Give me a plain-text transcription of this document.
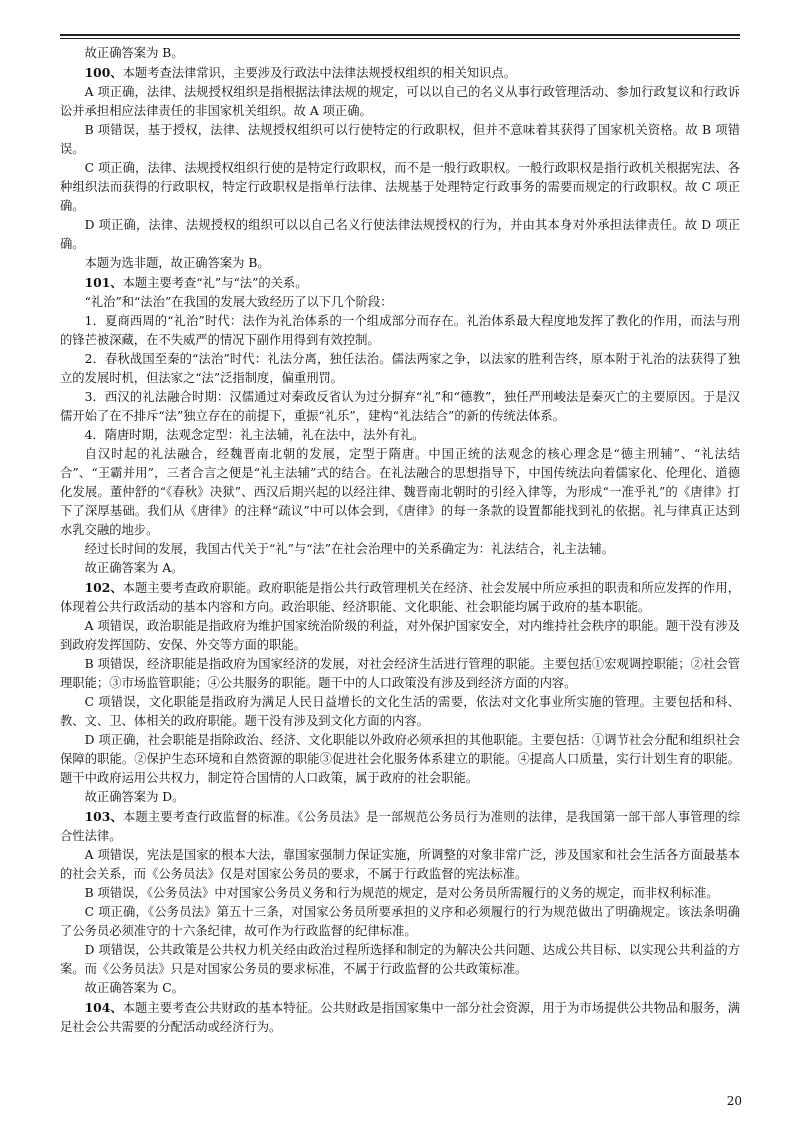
故正确答案为 B。

100、本题考查法律常识，主要涉及行政法中法律法规授权组织的相关知识点。

A 项正确，法律、法规授权组织是指根据法律法规的规定，可以以自己的名义从事行政管理活动、参加行政复议和行政诉讼并承担相应法律责任的非国家机关组织。故 A 项正确。

B 项错误，基于授权，法律、法规授权组织可以行使特定的行政职权，但并不意味着其获得了国家机关资格。故 B 项错误。

C 项正确，法律、法规授权组织行使的是特定行政职权，而不是一般行政职权。一般行政职权是指行政机关根据宪法、各种组织法而获得的行政职权，特定行政职权是指单行法律、法规基于处理特定行政事务的需要而规定的行政职权。故 C 项正确。

D 项正确，法律、法规授权的组织可以以自己名义行使法律法规授权的行为，并由其本身对外承担法律责任。故 D 项正确。

本题为选非题，故正确答案为 B。

101、本题主要考查“礼”与“法”的关系。

“礼治”和“法治”在我国的发展大致经历了以下几个阶段：

1．夏商西周的“礼治”时代：法作为礼治体系的一个组成部分而存在。礼治体系最大程度地发挥了教化的作用，而法与刑的锋芒被深藏，在不失威严的情况下副作用得到有效控制。

2．春秋战国至秦的“法治”时代：礼法分离，独任法治。儒法两家之争，以法家的胜利告终，原本附于礼治的法获得了独立的发展时机，但法家之“法”泛指制度，偏重刑罚。

3．西汉的礼法融合时期：汉儒通过对秦政反省认为过分摒弃“礼”和“德教”，独任严刑峻法是秦灭亡的主要原因。于是汉儒开始了在不排斥“法”独立存在的前提下，重振“礼乐”，建构“礼法结合”的新的传统法体系。

4．隋唐时期，法观念定型：礼主法辅，礼在法中，法外有礼。

自汉时起的礼法融合，经魏晋南北朝的发展，定型于隋唐。中国正统的法观念的核心理念是“德主刑辅”、“礼法结合”、“王霸并用”，三者合言之便是“礼主法辅”式的结合。在礼法融合的思想指导下，中国传统法向着儒家化、伦理化、道德化发展。董仲舒的“《春秋》决狱”、西汉后期兴起的以经注律、魏晋南北朝时的引经入律等，为形成“一准乎礼”的《唐律》打下了深厚基础。我们从《唐律》的注释“疏议”中可以体会到，《唐律》的每一条款的设置都能找到礼的依据。礼与律真正达到水乳交融的地步。

经过长时间的发展，我国古代关于“礼”与“法”在社会治理中的关系确定为：礼法结合，礼主法辅。

故正确答案为 A。

102、本题主要考查政府职能。政府职能是指公共行政管理机关在经济、社会发展中所应承担的职责和所应发挥的作用，体现着公共行政活动的基本内容和方向。政治职能、经济职能、文化职能、社会职能均属于政府的基本职能。

A 项错误，政治职能是指政府为维护国家统治阶级的利益，对外保护国家安全，对内维持社会秩序的职能。题干没有涉及到政府发挥国防、安保、外交等方面的职能。

B 项错误，经济职能是指政府为国家经济的发展，对社会经济生活进行管理的职能。主要包括①宏观调控职能；②社会管理职能；③市场监管职能；④公共服务的职能。题干中的人口政策没有涉及到经济方面的内容。

C 项错误，文化职能是指政府为满足人民日益增长的文化生活的需要，依法对文化事业所实施的管理。主要包括和科、教、文、卫、体相关的政府职能。题干没有涉及到文化方面的内容。

D 项正确，社会职能是指除政治、经济、文化职能以外政府必须承担的其他职能。主要包括：①调节社会分配和组织社会保障的职能。②保护生态环境和自然资源的职能③促进社会化服务体系建立的职能。④提高人口质量，实行计划生育的职能。题干中政府运用公共权力，制定符合国情的人口政策，属于政府的社会职能。

故正确答案为 D。

103、本题主要考查行政监督的标准。《公务员法》是一部规范公务员行为准则的法律，是我国第一部干部人事管理的综合性法律。

A 项错误，宪法是国家的根本大法，靠国家强制力保证实施，所调整的对象非常广泛，涉及国家和社会生活各方面最基本的社会关系，而《公务员法》仅是对国家公务员的要求，不属于行政监督的宪法标准。

B 项错误，《公务员法》中对国家公务员义务和行为规范的规定，是对公务员所需履行的义务的规定，而非权利标准。

C 项正确，《公务员法》第五十三条，对国家公务员所要承担的义序和必须履行的行为规范做出了明确规定。该法条明确了公务员必须准守的十六条纪律，故可作为行政监督的纪律标准。

D 项错误，公共政策是公共权力机关经由政治过程所选择和制定的为解决公共问题、达成公共目标、以实现公共利益的方案。而《公务员法》只是对国家公务员的要求标准，不属于行政监督的公共政策标准。

故正确答案为 C。

104、本题主要考查公共财政的基本特征。公共财政是指国家集中一部分社会资源，用于为市场提供公共物品和服务，满足社会公共需要的分配活动或经济行为。

20
